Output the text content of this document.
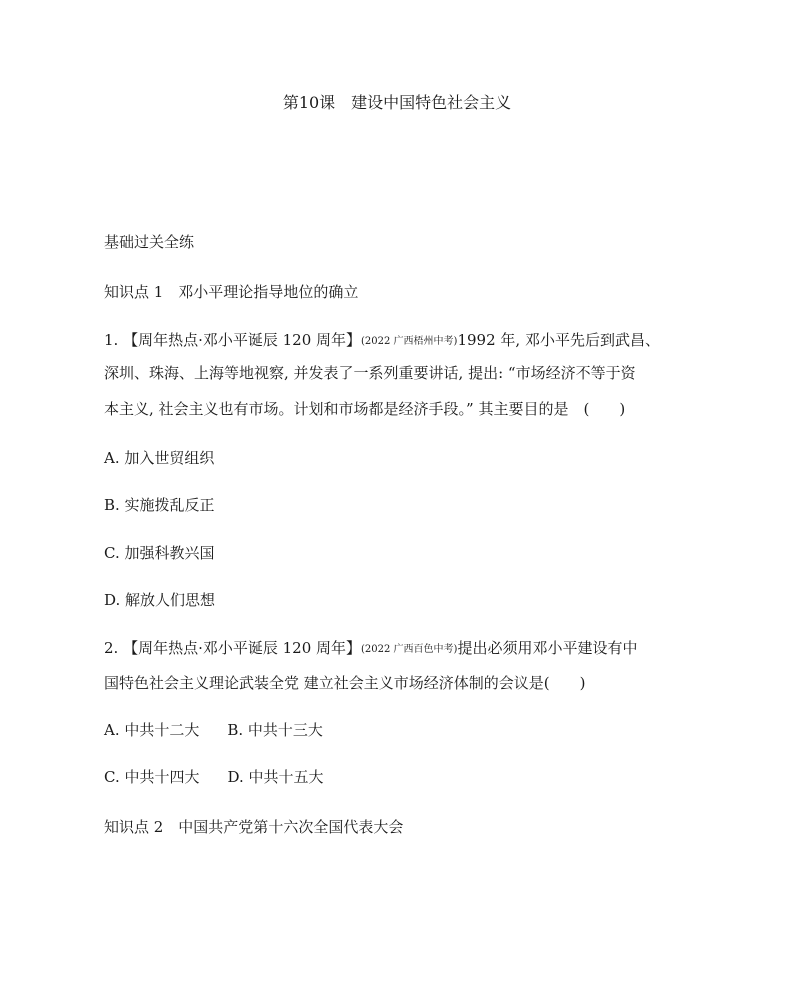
第10课　建设中国特色社会主义
基础过关全练
知识点 1　邓小平理论指导地位的确立
1. 【周年热点·邓小平诞辰 120 周年】(2022 广西梧州中考)1992 年, 邓小平先后到武昌、
深圳、珠海、上海等地视察, 并发表了一系列重要讲话, 提出: “市场经济不等于资
本主义, 社会主义也有市场。计划和市场都是经济手段。” 其主要目的是　(　　)
A. 加入世贸组织
B. 实施拨乱反正
C. 加强科教兴国
D. 解放人们思想
2. 【周年热点·邓小平诞辰 120 周年】(2022 广西百色中考)提出必须用邓小平建设有中
国特色社会主义理论武装全党 建立社会主义市场经济体制的会议是(　　)
A. 中共十二大 B. 中共十三大
C. 中共十四大 D. 中共十五大
知识点 2　中国共产党第十六次全国代表大会
